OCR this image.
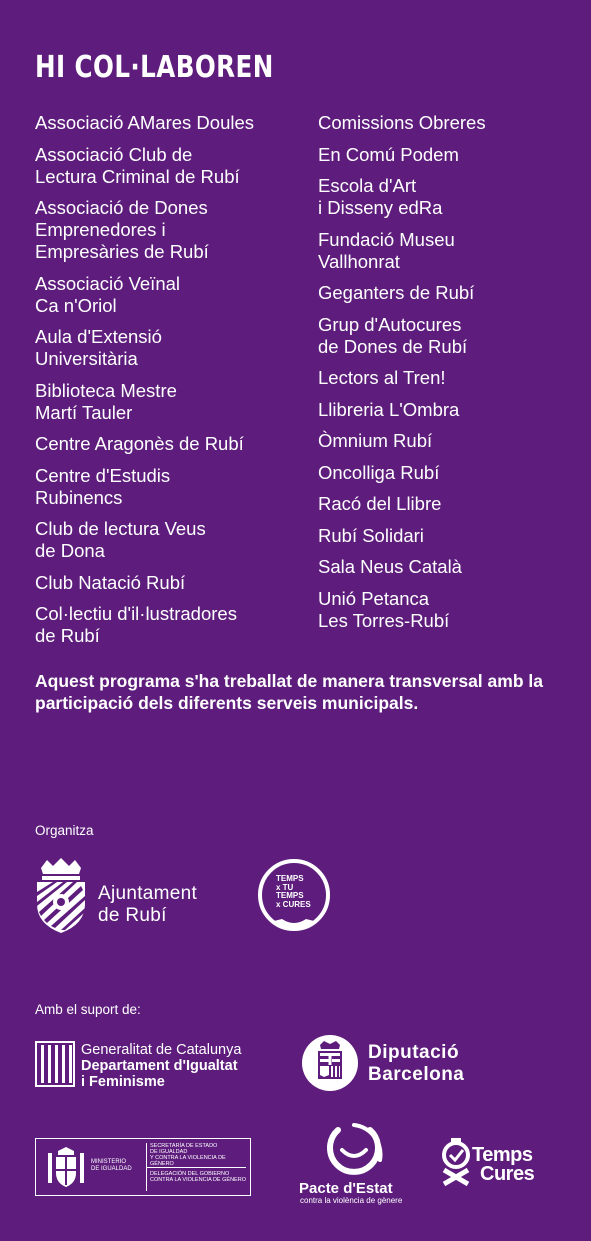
HI COL·LABOREN
Associació AMares Doules
Associació Club de
Lectura Criminal de Rubí
Associació de Dones
Emprenedores i
Empresàries de Rubí
Associació Veïnal
Ca n'Oriol
Aula d'Extensió
Universitària
Biblioteca Mestre
Martí Tauler
Centre Aragonès de Rubí
Centre d'Estudis
Rubinencs
Club de lectura Veus
de Dona
Club Natació Rubí
Col·lectiu d'il·lustradores
de Rubí
Comissions Obreres
En Comú Podem
Escola d'Art
i Disseny edRa
Fundació Museu
Vallhonrat
Geganters de Rubí
Grup d'Autocures
de Dones de Rubí
Lectors al Tren!
Llibreria L'Ombra
Òmnium Rubí
Oncolliga Rubí
Racó del Llibre
Rubí Solidari
Sala Neus Català
Unió Petanca
Les Torres-Rubí
Aquest programa s'ha treballat de manera transversal amb la participació dels diferents serveis municipals.
Organitza
Ajuntament
de Rubí
TEMPS
x TU
TEMPS
x CURES
Amb el suport de:
Generalitat de Catalunya
Departament d'Igualtat
i Feminisme
Diputació
Barcelona
MINISTERIO
DE IGUALDAD
SECRETARÍA DE ESTADO
DE IGUALDAD
Y CONTRA LA VIOLENCIA DE GÉNERO
DELEGACIÓN DEL GOBIERNO
CONTRA LA VIOLENCIA DE GÉNERO	Pacte d'Estat
contra la violència de gènere
Temps
Cures
